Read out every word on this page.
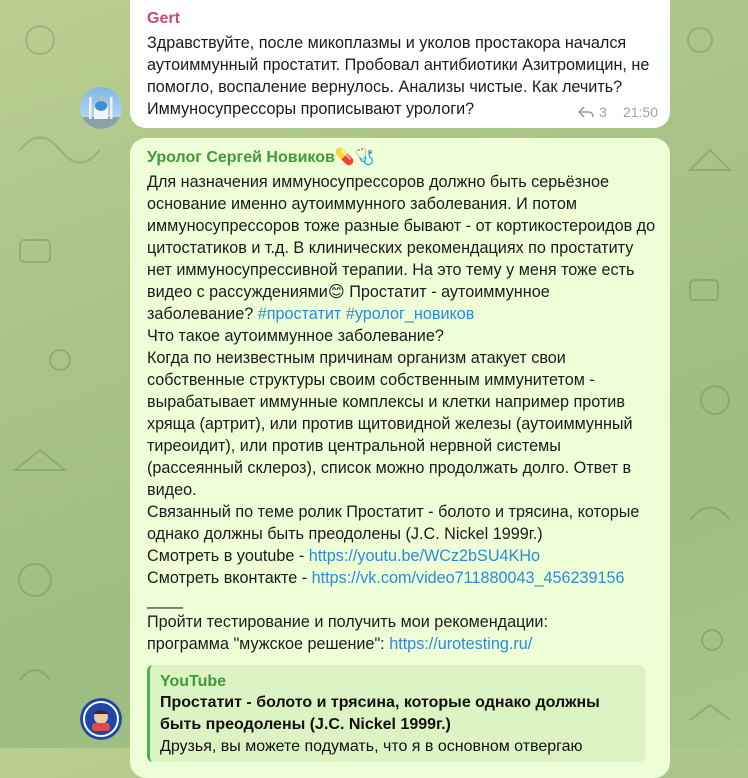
Gert
Здравствуйте, после микоплазмы и уколов простакора начался аутоиммунный простатит. Пробовал антибиотики Азитромицин, не помогло, воспаление вернулось. Анализы чистые. Как лечить? Иммуносупрессоры прописывают урологи?	3 21:50
Уролог Сергей Новиков💊🩺
Для назначения иммуносупрессоров должно быть серьёзное основание именно аутоиммунного заболевания. И потом иммуносупрессоров тоже разные бывают - от кортикостероидов до цитостатиков и т.д. В клинических рекомендациях по простатиту нет иммуносупрессивной терапии. На это тему у меня тоже есть видео с рассуждениями😊 Простатит - аутоиммунное заболевание? #простатит #уролог_новиков
Что такое аутоиммунное заболевание?
Когда по неизвестным причинам организм атакует свои собственные структуры своим собственным иммунитетом - вырабатывает иммунные комплексы и клетки например против хряща (артрит), или против щитовидной железы (аутоиммунный тиреоидит), или против центральной нервной системы (рассеянный склероз), список можно продолжать долго. Ответ в видео.
Связанный по теме ролик Простатит - болото и трясина, которые однако должны быть преодолены (J.C. Nickel 1999г.)
Смотреть в youtube - https://youtu.be/WCz2bSU4KHo
Смотреть вконтакте - https://vk.com/video711880043_456239156
____
Пройти тестирование и получить мои рекомендации:
программа "мужское решение": https://urotesting.ru/
YouTube
Простатит - болото и трясина, которые однако должны быть преодолены (J.C. Nickel 1999г.)
Друзья, вы можете подумать, что я в основном отвергаю
